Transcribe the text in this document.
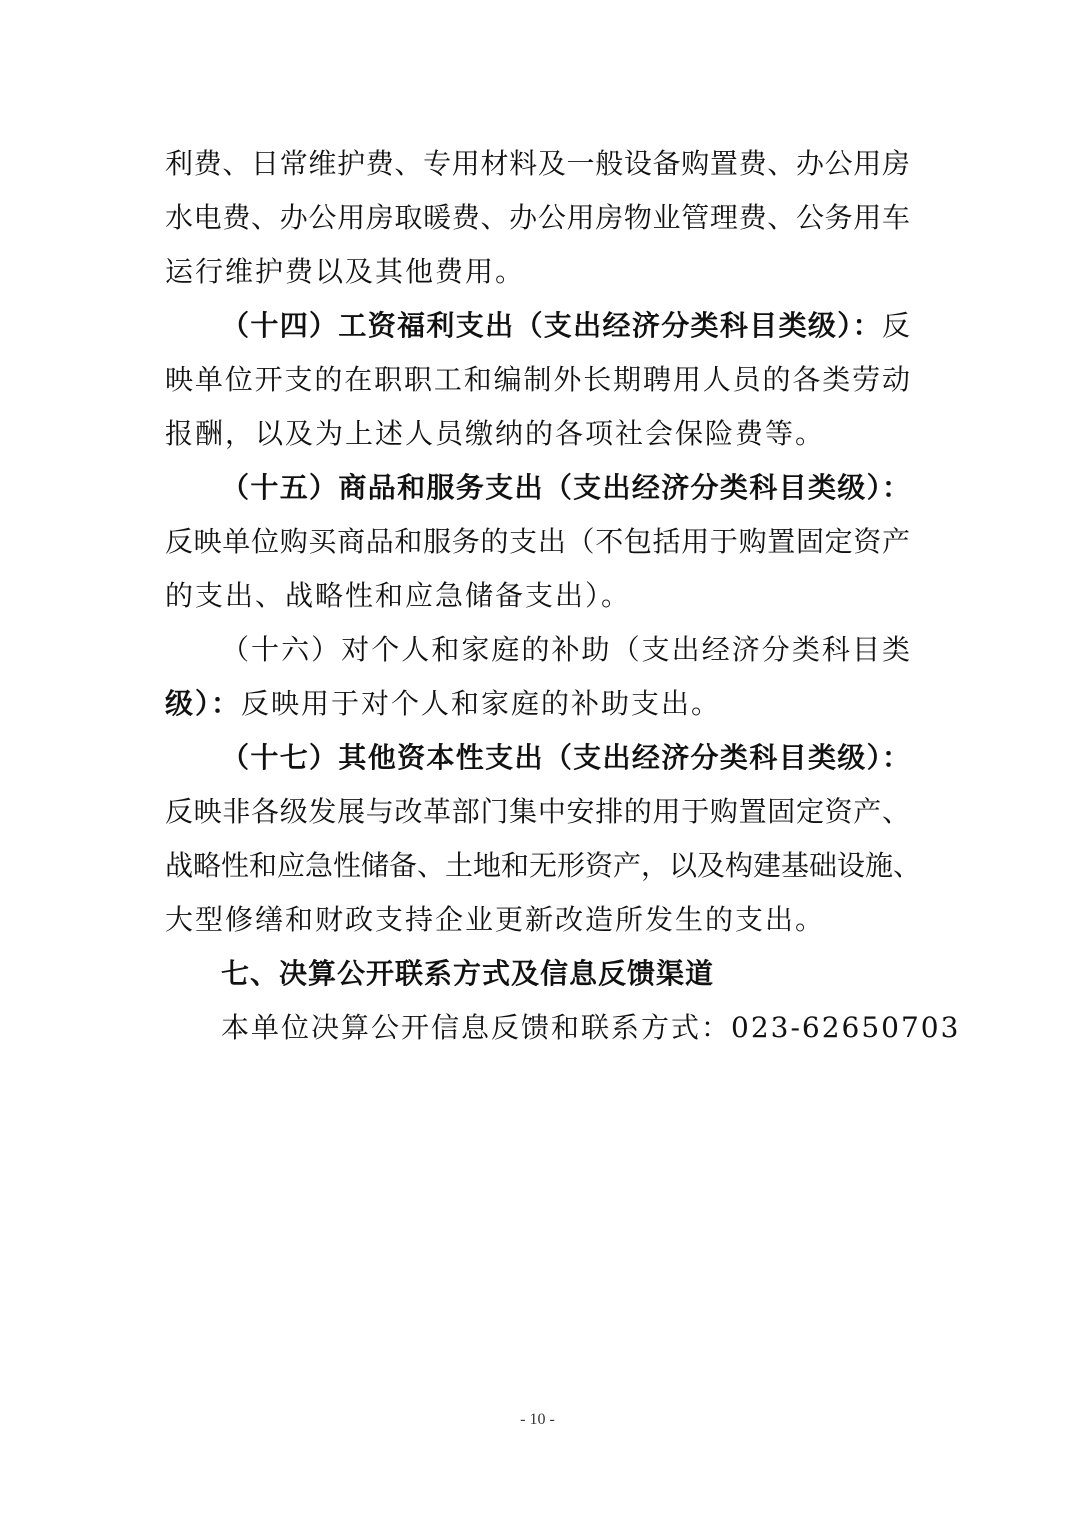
利费、日常维护费、专用材料及一般设备购置费、办公用房
水电费、办公用房取暖费、办公用房物业管理费、公务用车
运行维护费以及其他费用。
（十四）工资福利支出（支出经济分类科目类级）：反
映单位开支的在职职工和编制外长期聘用人员的各类劳动
报酬，以及为上述人员缴纳的各项社会保险费等。
（十五）商品和服务支出（支出经济分类科目类级）：
反映单位购买商品和服务的支出（不包括用于购置固定资产
的支出、战略性和应急储备支出）。
（十六）对个人和家庭的补助（支出经济分类科目类
级）：反映用于对个人和家庭的补助支出。
（十七）其他资本性支出（支出经济分类科目类级）：
反映非各级发展与改革部门集中安排的用于购置固定资产、
战略性和应急性储备、土地和无形资产，以及构建基础设施、
大型修缮和财政支持企业更新改造所发生的支出。
七、决算公开联系方式及信息反馈渠道
本单位决算公开信息反馈和联系方式：023-62650703
- 10 -
